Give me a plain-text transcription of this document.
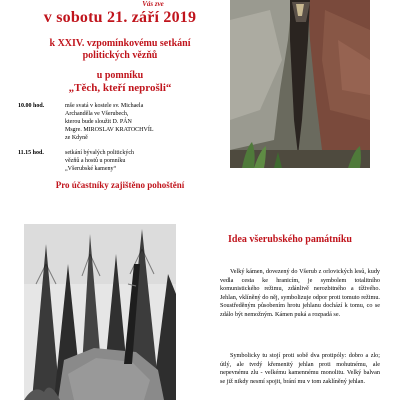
Vás zve
v sobotu 21. září 2019
k XXIV. vzpomínkovému setkání
politických vězňů
u pomníku
„Těch, kteří neprošli“
10.00 hod.	mše svatá v kostele sv. Michaela
Archanděla ve Všerubech,
kterou bude sloužit D. PÁN
Msgre. MIROSLAV KRATOCHVÍL
ze Kdyně
11.15 hod.	setkání bývalých politických
vězňů a hostů u pomníku
„Všerubské kameny“
Pro účastníky zajištěno pohoštění
Idea všerubského památníku
Velký kámen, dovezený do Všerub z orlovických lesů, kudy vedla cesta ke hranicím, je symbolem totalitního komunistického režimu, zdánlivě nerozbitného a tíživého. Jehlan, vklíněný do něj, symbolizuje odpor proti tomuto režimu. Soustředěným působením hrotu jehlanu dochází k tomu, co se zdálo být nemožným. Kámen puká a rozpadá se.
Symbolicky tu stojí proti sobě dva protipóly: dobro a zlo; útlý, ale tvrdý křemenitý jehlan proti mohutnému, ale nepevnému zlu - velkému kamennému monolitu. Velký balvan se již nikdy nesmí spojit, brání mu v tom zaklíněný jehlan.
